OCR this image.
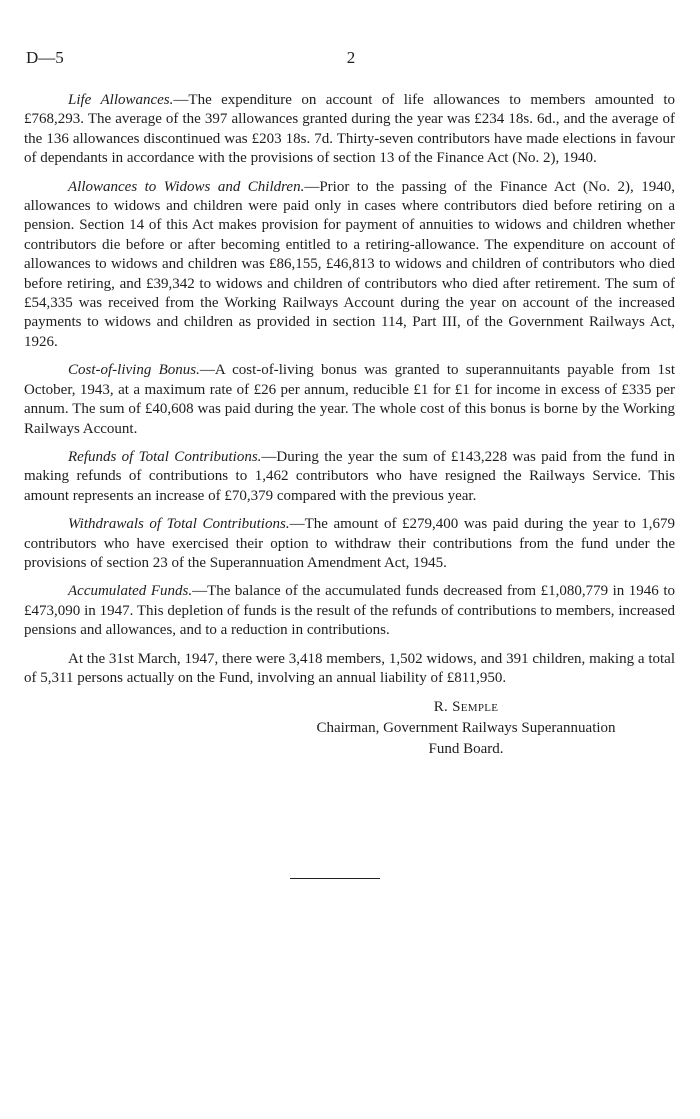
D—5	2

Life Allowances.—The expenditure on account of life allowances to members amounted to £768,293. The average of the 397 allowances granted during the year was £234 18s. 6d., and the average of the 136 allowances discontinued was £203 18s. 7d. Thirty-seven contributors have made elections in favour of dependants in accordance with the provisions of section 13 of the Finance Act (No. 2), 1940.

Allowances to Widows and Children.—Prior to the passing of the Finance Act (No. 2), 1940, allowances to widows and children were paid only in cases where contributors died before retiring on a pension. Section 14 of this Act makes provision for payment of annuities to widows and children whether contributors die before or after becoming entitled to a retiring-allowance. The expenditure on account of allowances to widows and children was £86,155, £46,813 to widows and children of contributors who died before retiring, and £39,342 to widows and children of contributors who died after retirement. The sum of £54,335 was received from the Working Railways Account during the year on account of the increased payments to widows and children as provided in section 114, Part III, of the Government Railways Act, 1926.

Cost-of-living Bonus.—A cost-of-living bonus was granted to superannuitants payable from 1st October, 1943, at a maximum rate of £26 per annum, reducible £1 for £1 for income in excess of £335 per annum. The sum of £40,608 was paid during the year. The whole cost of this bonus is borne by the Working Railways Account.

Refunds of Total Contributions.—During the year the sum of £143,228 was paid from the fund in making refunds of contributions to 1,462 contributors who have resigned the Railways Service. This amount represents an increase of £70,379 compared with the previous year.

Withdrawals of Total Contributions.—The amount of £279,400 was paid during the year to 1,679 contributors who have exercised their option to withdraw their contributions from the fund under the provisions of section 23 of the Superannuation Amendment Act, 1945.

Accumulated Funds.—The balance of the accumulated funds decreased from £1,080,779 in 1946 to £473,090 in 1947. This depletion of funds is the result of the refunds of contributions to members, increased pensions and allowances, and to a reduction in contributions.

At the 31st March, 1947, there were 3,418 members, 1,502 widows, and 391 children, making a total of 5,311 persons actually on the Fund, involving an annual liability of £811,950.

R. Semple
Chairman, Government Railways Superannuation
Fund Board.
